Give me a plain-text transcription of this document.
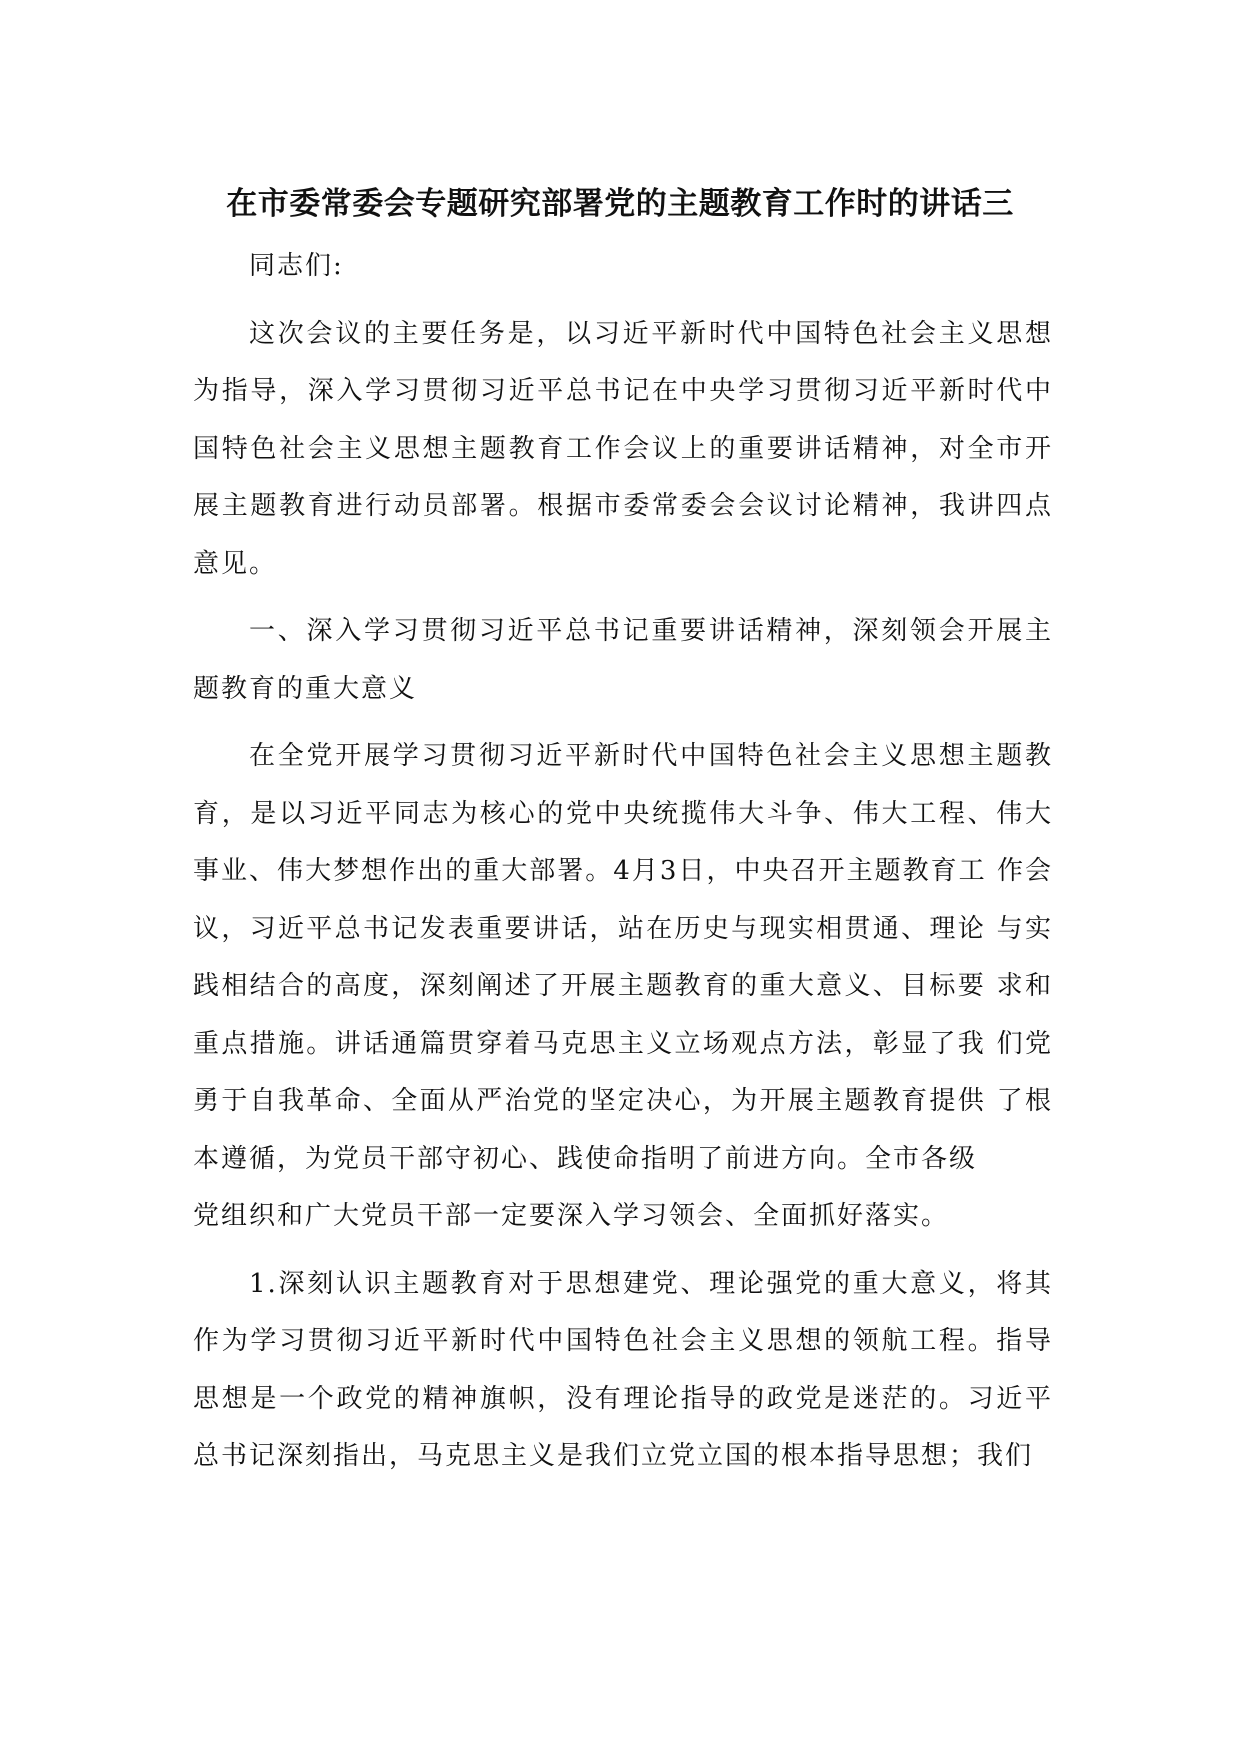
在市委常委会专题研究部署党的主题教育工作时的讲话三

同志们:

这次会议的主要任务是，以习近平新时代中国特色社会主义思想为指导，深入学习贯彻习近平总书记在中央学习贯彻习近平新时代中国特色社会主义思想主题教育工作会议上的重要讲话精神，对全市开展主题教育进行动员部署。根据市委常委会会议讨论精神，我讲四点意见。

一、深入学习贯彻习近平总书记重要讲话精神，深刻领会开展主题教育的重大意义

在全党开展学习贯彻习近平新时代中国特色社会主义思想主题教育，是以习近平同志为核心的党中央统揽伟大斗争、伟大工程、伟大事业、伟大梦想作出的重大部署。4月3日，中央召开主题教育工 作会议，习近平总书记发表重要讲话，站在历史与现实相贯通、理论 与实践相结合的高度，深刻阐述了开展主题教育的重大意义、目标要 求和重点措施。讲话通篇贯穿着马克思主义立场观点方法，彰显了我 们党勇于自我革命、全面从严治党的坚定决心，为开展主题教育提供 了根本遵循，为党员干部守初心、践使命指明了前进方向。全市各级

党组织和广大党员干部一定要深入学习领会、全面抓好落实。

1.深刻认识主题教育对于思想建党、理论强党的重大意义，将其作为学习贯彻习近平新时代中国特色社会主义思想的领航工程。指导思想是一个政党的精神旗帜，没有理论指导的政党是迷茫的。习近平总书记深刻指出，马克思主义是我们立党立国的根本指导思想；我们
